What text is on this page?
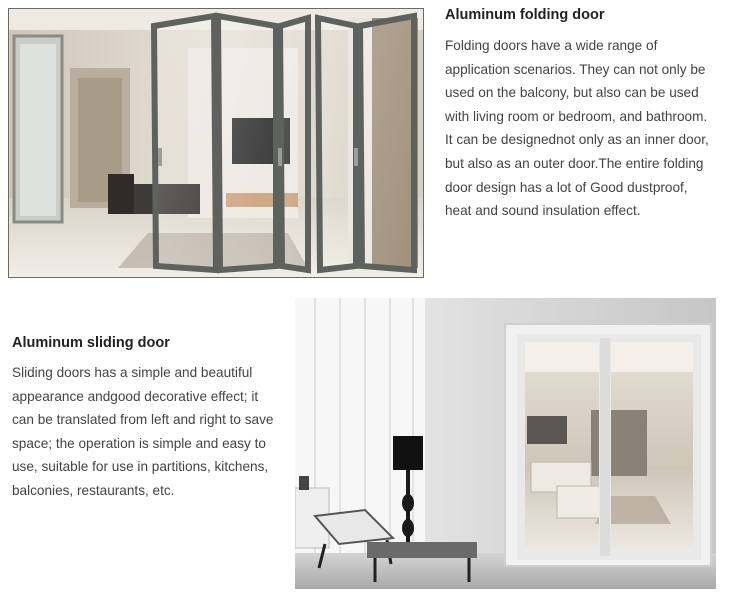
Aluminum folding door

Folding doors have a wide range of
application scenarios. They can not only be
used on the balcony, but also can be used
with living room or bedroom, and bathroom.
It can be designednot only as an inner door,
but also as an outer door.The entire folding
door design has a lot of Good dustproof,
heat and sound insulation effect.

Aluminum sliding door

Sliding doors has a simple and beautiful
appearance andgood decorative effect; it
can be translated from left and right to save
space; the operation is simple and easy to
use, suitable for use in partitions, kitchens,
balconies, restaurants, etc.
